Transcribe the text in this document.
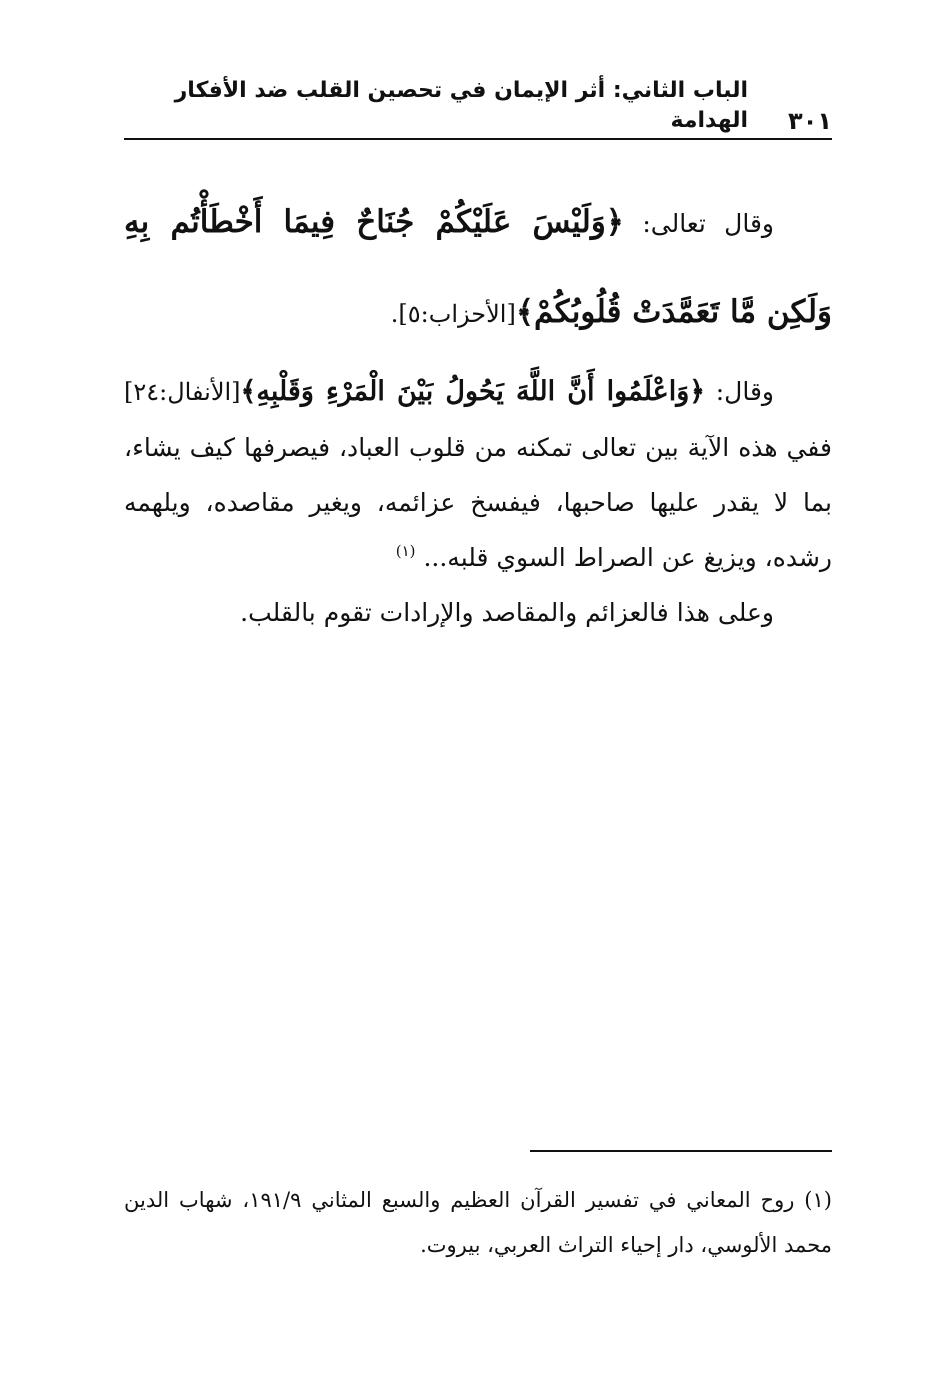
٣٠١
الباب الثاني: أثر الإيمان في تحصين القلب ضد الأفكار الهدامة

وقال تعالى: ﴿وَلَيْسَ عَلَيْكُمْ جُنَاحٌ فِيمَا أَخْطَأْتُم بِهِ وَلَكِن مَّا تَعَمَّدَتْ قُلُوبُكُمْ﴾[الأحزاب:٥].

وقال: ﴿وَاعْلَمُوا أَنَّ اللَّهَ يَحُولُ بَيْنَ الْمَرْءِ وَقَلْبِهِ﴾[الأنفال:٢٤] ففي هذه الآية بين تعالى تمكنه من قلوب العباد، فيصرفها كيف يشاء، بما لا يقدر عليها صاحبها، فيفسخ عزائمه، ويغير مقاصده، ويلهمه رشده، ويزيغ عن الصراط السوي قلبه... $^{(١)}$

وعلى هذا فالعزائم والمقاصد والإرادات تقوم بالقلب.

(١) روح المعاني في تفسير القرآن العظيم والسبع المثاني ١٩١/٩، شهاب الدين محمد الألوسي، دار إحياء التراث العربي، بيروت.
